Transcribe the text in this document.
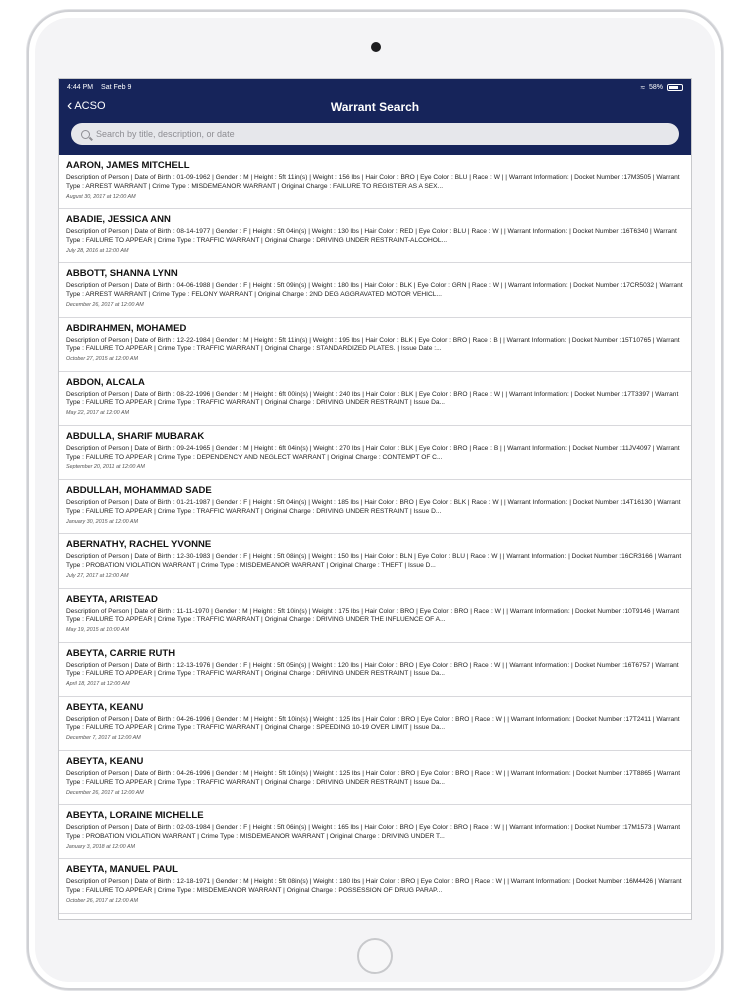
4:44 PM Sat Feb 9	≈ 58%
‹ ACSO	Warrant Search
Search by title, description, or date
AARON, JAMES MITCHELL
Description of Person | Date of Birth : 01-09-1962 | Gender : M | Height : 5ft 11in(s) | Weight : 156 lbs | Hair Color : BRO | Eye Color : BLU | Race : W | | Warrant Information: | Docket Number :17M3505 | Warrant Type : ARREST WARRANT | Crime Type : MISDEMEANOR WARRANT | Original Charge : FAILURE TO REGISTER AS A SEX...
August 30, 2017 at 12:00 AM
ABADIE, JESSICA ANN
Description of Person | Date of Birth : 08-14-1977 | Gender : F | Height : 5ft 04in(s) | Weight : 130 lbs | Hair Color : RED | Eye Color : BLU | Race : W | | Warrant Information: | Docket Number :16T6340 | Warrant Type : FAILURE TO APPEAR | Crime Type : TRAFFIC WARRANT | Original Charge : DRIVING UNDER RESTRAINT-ALCOHOL...
July 28, 2016 at 12:00 AM
ABBOTT, SHANNA LYNN
Description of Person | Date of Birth : 04-06-1988 | Gender : F | Height : 5ft 09in(s) | Weight : 180 lbs | Hair Color : BLK | Eye Color : GRN | Race : W | | Warrant Information: | Docket Number :17CR5032 | Warrant Type : ARREST WARRANT | Crime Type : FELONY WARRANT | Original Charge : 2ND DEG AGGRAVATED MOTOR VEHICL...
December 26, 2017 at 12:00 AM
ABDIRAHMEN, MOHAMED
Description of Person | Date of Birth : 12-22-1984 | Gender : M | Height : 5ft 11in(s) | Weight : 195 lbs | Hair Color : BLK | Eye Color : BRO | Race : B | | Warrant Information: | Docket Number :15T10765 | Warrant Type : FAILURE TO APPEAR | Crime Type : TRAFFIC WARRANT | Original Charge : STANDARDIZED PLATES. | Issue Date :...
October 27, 2015 at 12:00 AM
ABDON, ALCALA
Description of Person | Date of Birth : 08-22-1996 | Gender : M | Height : 6ft 00in(s) | Weight : 240 lbs | Hair Color : BLK | Eye Color : BRO | Race : W | | Warrant Information: | Docket Number :17T3397 | Warrant Type : FAILURE TO APPEAR | Crime Type : TRAFFIC WARRANT | Original Charge : DRIVING UNDER RESTRAINT | Issue Da...
May 22, 2017 at 12:00 AM
ABDULLA, SHARIF MUBARAK
Description of Person | Date of Birth : 09-24-1965 | Gender : M | Height : 6ft 04in(s) | Weight : 270 lbs | Hair Color : BLK | Eye Color : BRO | Race : B | | Warrant Information: | Docket Number :11JV4097 | Warrant Type : FAILURE TO APPEAR | Crime Type : DEPENDENCY AND NEGLECT WARRANT | Original Charge : CONTEMPT OF C...
September 20, 2011 at 12:00 AM
ABDULLAH, MOHAMMAD SADE
Description of Person | Date of Birth : 01-21-1987 | Gender : F | Height : 5ft 04in(s) | Weight : 185 lbs | Hair Color : BRO | Eye Color : BLK | Race : W | | Warrant Information: | Docket Number :14T16130 | Warrant Type : FAILURE TO APPEAR | Crime Type : TRAFFIC WARRANT | Original Charge : DRIVING UNDER RESTRAINT | Issue D...
January 30, 2015 at 12:00 AM
ABERNATHY, RACHEL YVONNE
Description of Person | Date of Birth : 12-30-1983 | Gender : F | Height : 5ft 08in(s) | Weight : 150 lbs | Hair Color : BLN | Eye Color : BLU | Race : W | | Warrant Information: | Docket Number :16CR3166 | Warrant Type : PROBATION VIOLATION WARRANT | Crime Type : MISDEMEANOR WARRANT | Original Charge : THEFT | Issue D...
July 27, 2017 at 12:00 AM
ABEYTA, ARISTEAD
Description of Person | Date of Birth : 11-11-1970 | Gender : M | Height : 5ft 10in(s) | Weight : 175 lbs | Hair Color : BRO | Eye Color : BRO | Race : W | | Warrant Information: | Docket Number :10T9146 | Warrant Type : FAILURE TO APPEAR | Crime Type : TRAFFIC WARRANT | Original Charge : DRIVING UNDER THE INFLUENCE OF A...
May 19, 2015 at 10:00 AM
ABEYTA, CARRIE RUTH
Description of Person | Date of Birth : 12-13-1976 | Gender : F | Height : 5ft 05in(s) | Weight : 120 lbs | Hair Color : BRO | Eye Color : BRO | Race : W | | Warrant Information: | Docket Number :16T6757 | Warrant Type : FAILURE TO APPEAR | Crime Type : TRAFFIC WARRANT | Original Charge : DRIVING UNDER RESTRAINT | Issue Da...
April 18, 2017 at 12:00 AM
ABEYTA, KEANU
Description of Person | Date of Birth : 04-26-1996 | Gender : M | Height : 5ft 10in(s) | Weight : 125 lbs | Hair Color : BRO | Eye Color : BRO | Race : W | | Warrant Information: | Docket Number :17T2411 | Warrant Type : FAILURE TO APPEAR | Crime Type : TRAFFIC WARRANT | Original Charge : SPEEDING 10-19 OVER LIMIT | Issue Da...
December 7, 2017 at 12:00 AM
ABEYTA, KEANU
Description of Person | Date of Birth : 04-26-1996 | Gender : M | Height : 5ft 10in(s) | Weight : 125 lbs | Hair Color : BRO | Eye Color : BRO | Race : W | | Warrant Information: | Docket Number :17T8865 | Warrant Type : FAILURE TO APPEAR | Crime Type : TRAFFIC WARRANT | Original Charge : DRIVING UNDER RESTRAINT | Issue Da...
December 26, 2017 at 12:00 AM
ABEYTA, LORAINE MICHELLE
Description of Person | Date of Birth : 02-03-1984 | Gender : F | Height : 5ft 06in(s) | Weight : 165 lbs | Hair Color : BRO | Eye Color : BRO | Race : W | | Warrant Information: | Docket Number :17M1573 | Warrant Type : PROBATION VIOLATION WARRANT | Crime Type : MISDEMEANOR WARRANT | Original Charge : DRIVING UNDER T...
January 3, 2018 at 12:00 AM
ABEYTA, MANUEL PAUL
Description of Person | Date of Birth : 12-18-1971 | Gender : M | Height : 5ft 08in(s) | Weight : 180 lbs | Hair Color : BRO | Eye Color : BRO | Race : W | | Warrant Information: | Docket Number :16M4426 | Warrant Type : FAILURE TO APPEAR | Crime Type : MISDEMEANOR WARRANT | Original Charge : POSSESSION OF DRUG PARAP...
October 26, 2017 at 12:00 AM
